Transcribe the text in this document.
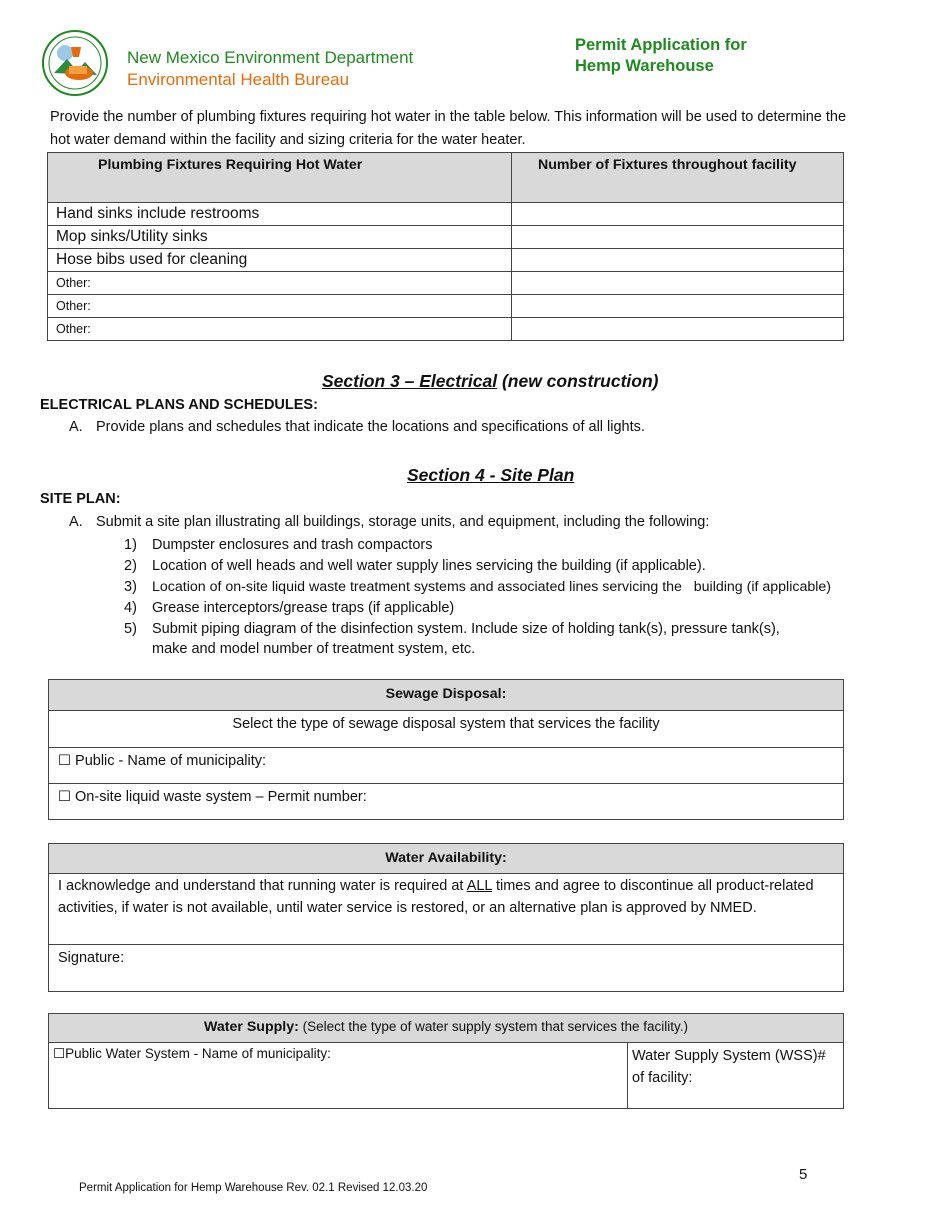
New Mexico Environment Department
Environmental Health Bureau
Permit Application for
Hemp Warehouse
Provide the number of plumbing fixtures requiring hot water in the table below. This information will be used to determine the hot water demand within the facility and sizing criteria for the water heater.
Plumbing Fixtures Requiring Hot Water	Number of Fixtures throughout facility
Hand sinks include restrooms	
Mop sinks/Utility sinks	
Hose bibs used for cleaning	
Other:	
Other:	
Other:	
Section 3 – Electrical (new construction)
ELECTRICAL PLANS AND SCHEDULES:
A. Provide plans and schedules that indicate the locations and specifications of all lights.
Section 4 - Site Plan
SITE PLAN:
A. Submit a site plan illustrating all buildings, storage units, and equipment, including the following:
1) Dumpster enclosures and trash compactors
2) Location of well heads and well water supply lines servicing the building (if applicable).
3) Location of on-site liquid waste treatment systems and associated lines servicing the   building (if applicable)
4) Grease interceptors/grease traps (if applicable)
5) Submit piping diagram of the disinfection system. Include size of holding tank(s), pressure tank(s),
make and model number of treatment system, etc.
Sewage Disposal:
Select the type of sewage disposal system that services the facility
☐ Public - Name of municipality:
☐ On-site liquid waste system – Permit number:
Water Availability:
I acknowledge and understand that running water is required at ALL times and agree to discontinue all product-related activities, if water is not available, until water service is restored, or an alternative plan is approved by NMED.
Signature:
Water Supply: (Select the type of water supply system that services the facility.)
☐Public Water System - Name of municipality:	Water Supply System (WSS)# of facility:
5
Permit Application for Hemp Warehouse Rev. 02.1 Revised 12.03.20
